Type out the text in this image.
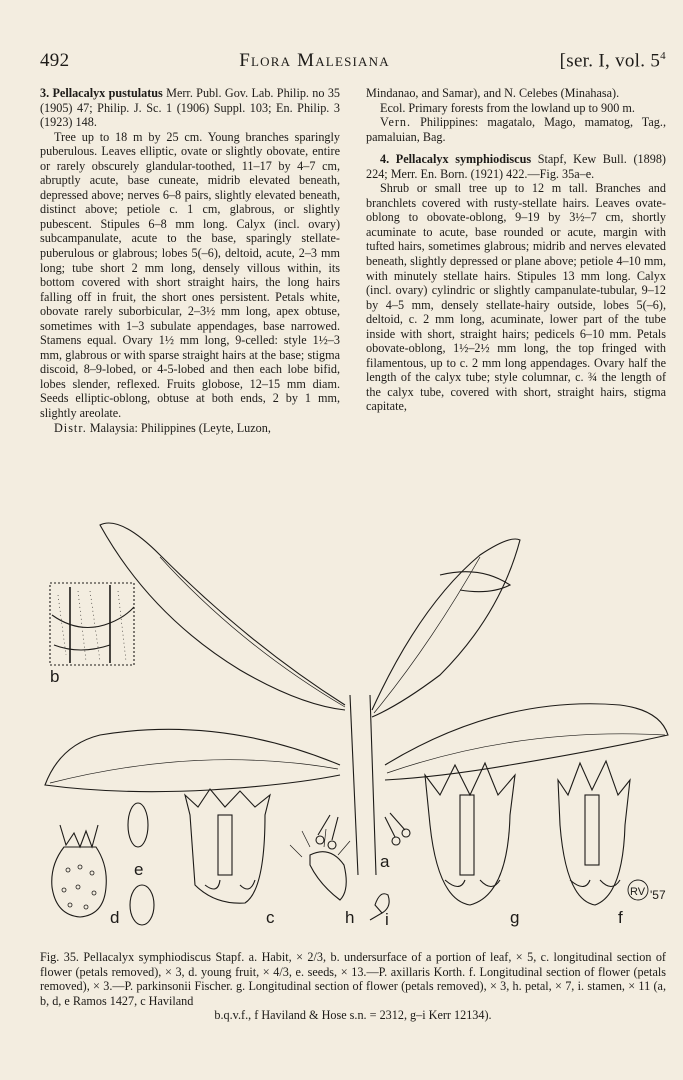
492	Flora Malesiana	[ser. I, vol. $5^4$

3. Pellacalyx pustulatus Merr. Publ. Gov. Lab. Philip. no 35 (1905) 47; Philip. J. Sc. 1 (1906) Suppl. 103; En. Philip. 3 (1923) 148.

Tree up to 18 m by 25 cm. Young branches sparingly puberulous. Leaves elliptic, ovate or slightly obovate, entire or rarely obscurely glandular-toothed, 11–17 by 4–7 cm, abruptly acute, base cuneate, midrib elevated beneath, depressed above; nerves 6–8 pairs, slightly elevated beneath, distinct above; petiole c. 1 cm, glabrous, or slightly pubescent. Stipules 6–8 mm long. Calyx (incl. ovary) subcampanulate, acute to the base, sparingly stellate-puberulous or glabrous; lobes 5(–6), deltoid, acute, 2–3 mm long; tube short 2 mm long, densely villous within, its bottom covered with short straight hairs, the long hairs falling off in fruit, the short ones persistent. Petals white, obovate rarely suborbicular, 2–3½ mm long, apex obtuse, sometimes with 1–3 subulate appendages, base narrowed. Stamens equal. Ovary 1½ mm long, 9-celled: style 1½–3 mm, glabrous or with sparse straight hairs at the base; stigma discoid, 8–9-lobed, or 4-5-lobed and then each lobe bifid, lobes slender, reflexed. Fruits globose, 12–15 mm diam. Seeds elliptic-oblong, obtuse at both ends, 2 by 1 mm, slightly areolate.

Distr. Malaysia: Philippines (Leyte, Luzon,

Mindanao, and Samar), and N. Celebes (Minahasa).

Ecol. Primary forests from the lowland up to 900 m.

Vern. Philippines: magatalo, Mago, mamatog, Tag., pamaluian, Bag.

4. Pellacalyx symphiodiscus Stapf, Kew Bull. (1898) 224; Merr. En. Born. (1921) 422.—Fig. 35a–e.

Shrub or small tree up to 12 m tall. Branches and branchlets covered with rusty-stellate hairs. Leaves ovate-oblong to obovate-oblong, 9–19 by 3½–7 cm, shortly acuminate to acute, base rounded or acute, margin with tufted hairs, sometimes glabrous; midrib and nerves elevated beneath, slightly depressed or plane above; petiole 4–10 mm, with minutely stellate hairs. Stipules 13 mm long. Calyx (incl. ovary) cylindric or slightly campanulate-tubular, 9–12 by 4–5 mm, densely stellate-hairy outside, lobes 5(–6), deltoid, c. 2 mm long, acuminate, lower part of the tube inside with short, straight hairs; pedicels 6–10 mm. Petals obovate-oblong, 1½–2½ mm long, the top fringed with filamentous, up to c. 2 mm long appendages. Ovary half the length of the calyx tube; style columnar, c. ¾ the length of the calyx tube, covered with short, straight hairs, stigma capitate,

b
a
e
d	c	h i	g	f
RV '57
Fig. 35. Pellacalyx symphiodiscus Stapf. a. Habit, × 2/3, b. undersurface of a portion of leaf, × 5, c. longitudinal section of flower (petals removed), × 3, d. young fruit, × 4/3, e. seeds, × 13.—P. axillaris Korth. f. Longitudinal section of flower (petals removed), × 3.—P. parkinsonii Fischer. g. Longitudinal section of flower (petals removed), × 3, h. petal, × 7, i. stamen, × 11 (a, b, d, e Ramos 1427, c Haviland
b.q.v.f., f Haviland & Hose s.n. = 2312, g–i Kerr 12134).
